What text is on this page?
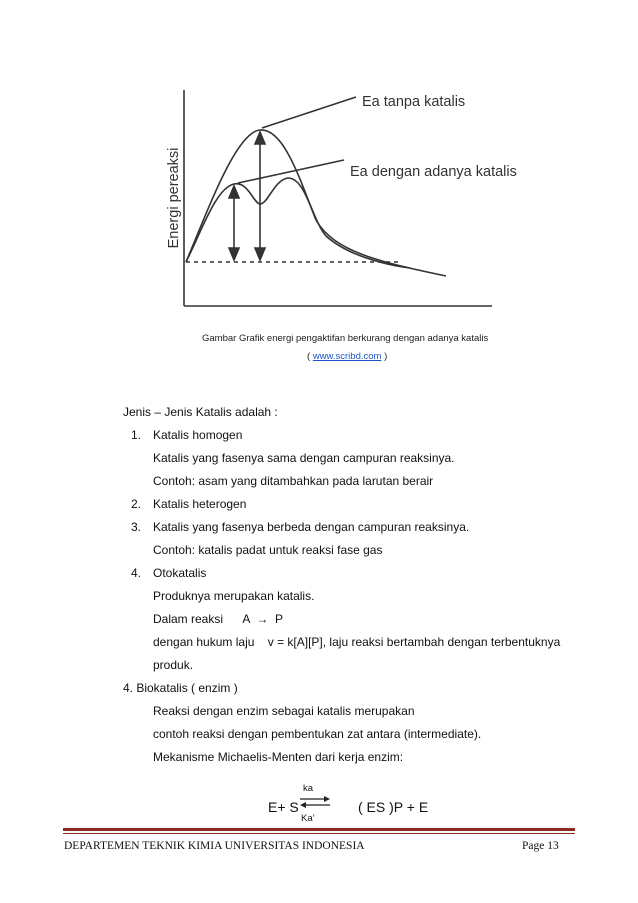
Energi pereaksi
Ea tanpa katalis
Ea dengan adanya katalis
Gambar Grafik energi pengaktifan berkurang dengan adanya katalis
( www.scribd.com )
Jenis – Jenis Katalis adalah :
1. Katalis homogen
Katalis yang fasenya sama dengan campuran reaksinya.
Contoh: asam yang ditambahkan pada larutan berair
2. Katalis heterogen
3. Katalis yang fasenya berbeda dengan campuran reaksinya.
Contoh: katalis padat untuk reaksi fase gas
4. Otokatalis
Produknya merupakan katalis.
Dalam reaksi      A  →  P
dengan hukum laju    v = k[A][P], laju reaksi bertambah dengan terbentuknya
produk.
4. Biokatalis ( enzim )
Reaksi dengan enzim sebagai katalis merupakan
contoh reaksi dengan pembentukan zat antara (intermediate).
Mekanisme Michaelis-Menten dari kerja enzim:
ka
E+ S ⇌
Ka’
( ES )P + E
DEPARTEMEN TEKNIK KIMIA UNIVERSITAS INDONESIA	Page 13
